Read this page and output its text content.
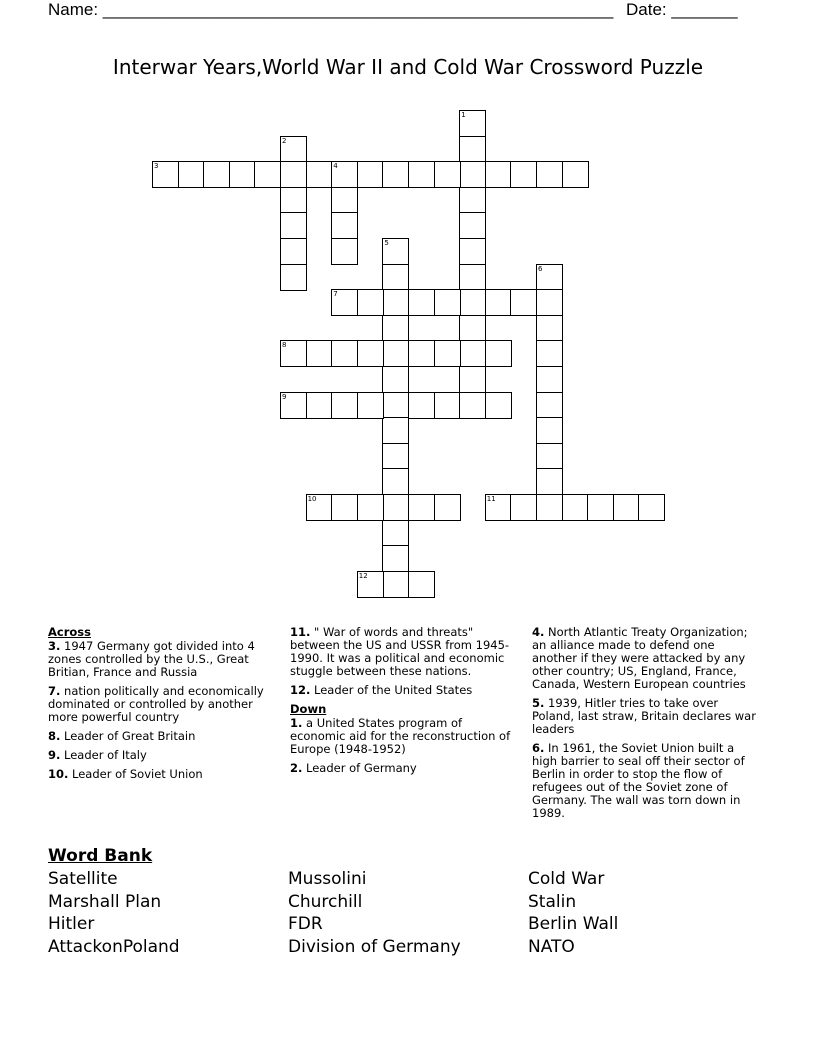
Name: ______________________________________________________ Date: _______
Interwar Years,World War II and Cold War Crossword Puzzle
1
2
3	4
5
6
7
8
9
10	11
12
Across
3. 1947 Germany got divided into 4 zones controlled by the U.S., Great Britian, France and Russia
7. nation politically and economically dominated or controlled by another more powerful country
8. Leader of Great Britain
9. Leader of Italy
10. Leader of Soviet Union
11. " War of words and threats" between the US and USSR from 1945-1990. It was a political and economic stuggle between these nations.
12. Leader of the United States
Down
1. a United States program of economic aid for the reconstruction of Europe (1948-1952)
2. Leader of Germany
4. North Atlantic Treaty Organization; an alliance made to defend one another if they were attacked by any other country; US, England, France, Canada, Western European countries
5. 1939, Hitler tries to take over Poland, last straw, Britain declares war leaders
6. In 1961, the Soviet Union built a high barrier to seal off their sector of Berlin in order to stop the flow of refugees out of the Soviet zone of Germany. The wall was torn down in 1989.
Word Bank
Satellite
Marshall Plan
Hitler
AttackonPoland
Mussolini
Churchill
FDR
Division of Germany
Cold War
Stalin
Berlin Wall
NATO
